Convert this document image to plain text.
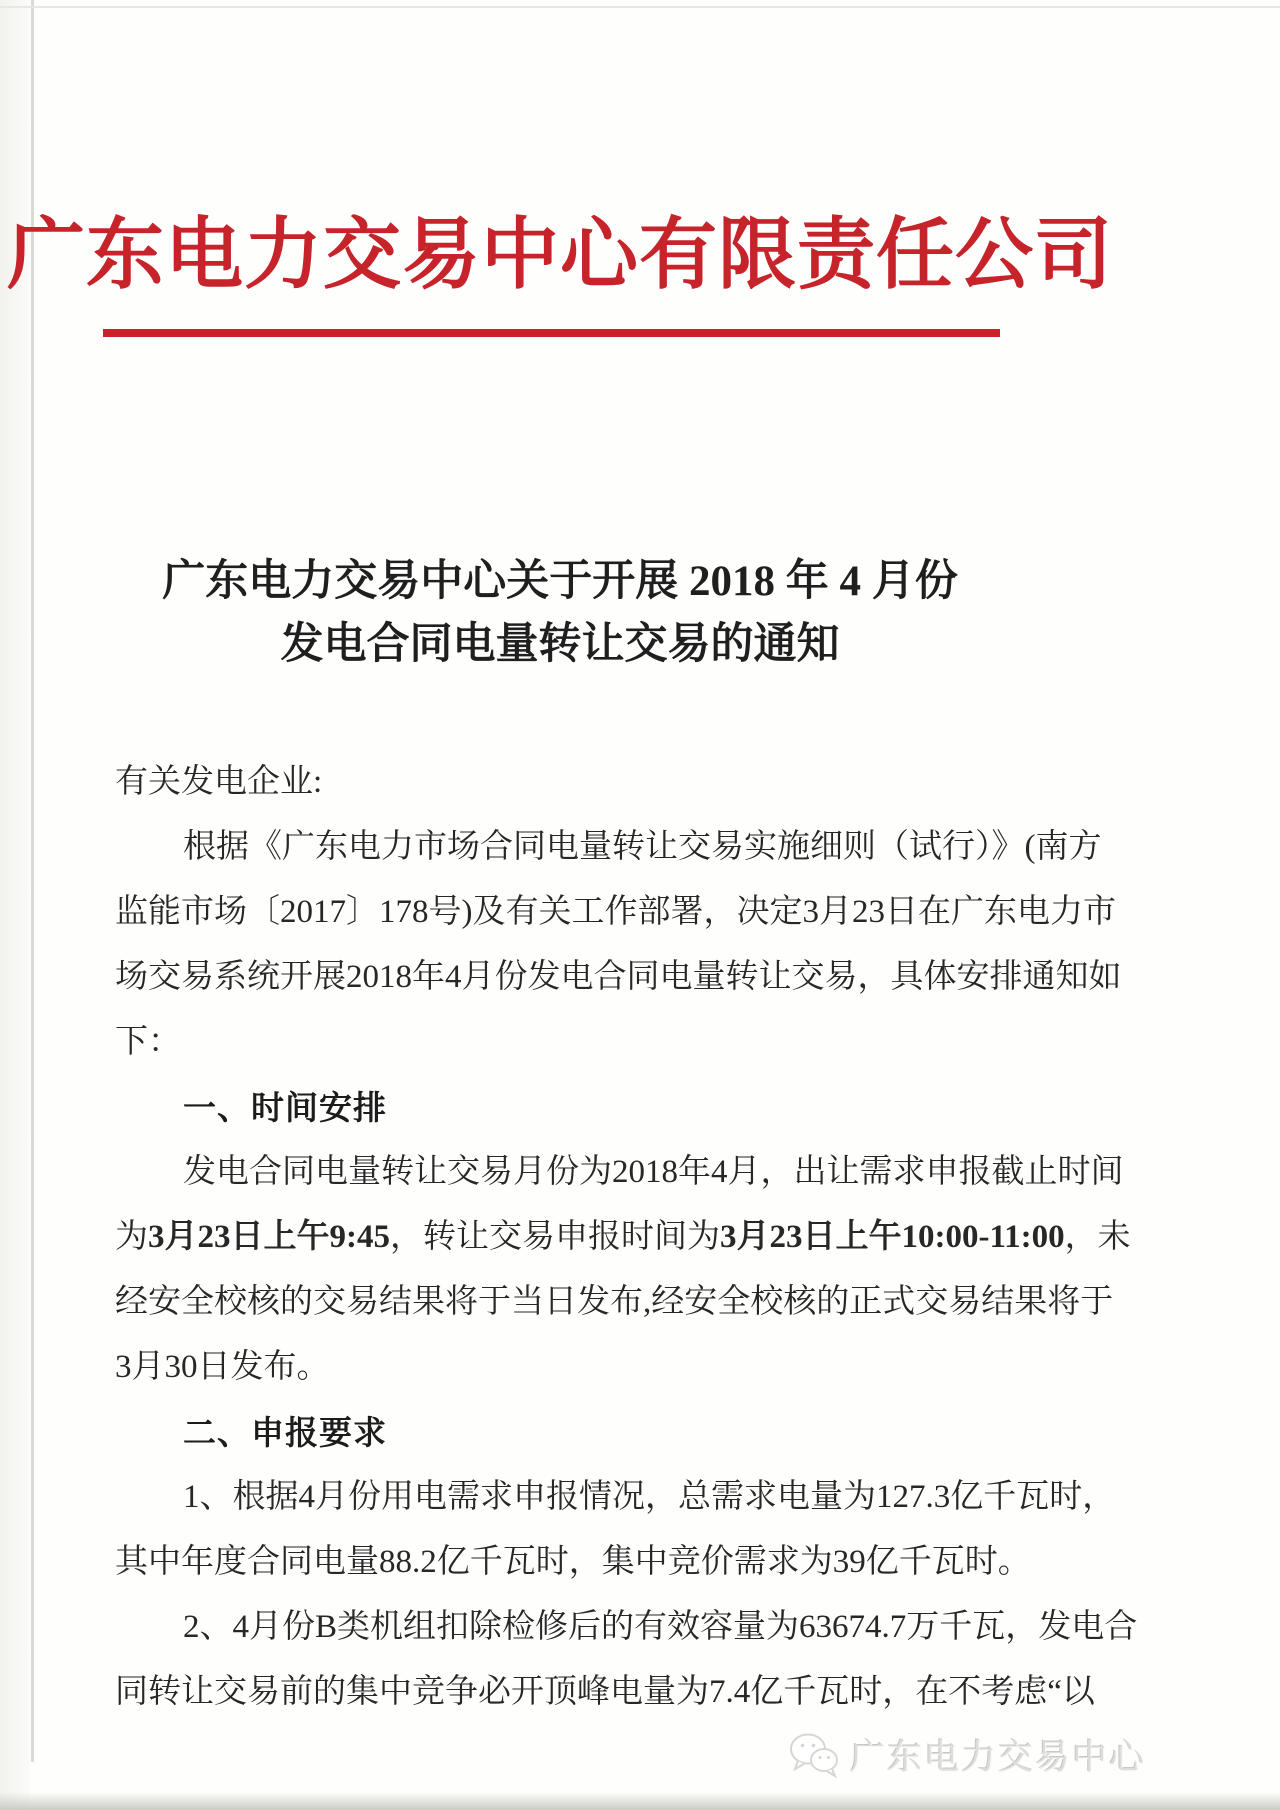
广东电力交易中心有限责任公司
广东电力交易中心关于开展 2018 年 4 月份
发电合同电量转让交易的通知
有关发电企业:
根据《广东电力市场合同电量转让交易实施细则（试行）》(南方
监能市场〔2017〕178号)及有关工作部署，决定3月23日在广东电力市
场交易系统开展2018年4月份发电合同电量转让交易，具体安排通知如
下：
一、时间安排
发电合同电量转让交易月份为2018年4月，出让需求申报截止时间
为3月23日上午9:45，转让交易申报时间为3月23日上午10:00-11:00，未
经安全校核的交易结果将于当日发布,经安全校核的正式交易结果将于
3月30日发布。
二、申报要求
1、根据4月份用电需求申报情况，总需求电量为127.3亿千瓦时，
其中年度合同电量88.2亿千瓦时，集中竞价需求为39亿千瓦时。
2、4月份B类机组扣除检修后的有效容量为63674.7万千瓦，发电合
同转让交易前的集中竞争必开顶峰电量为7.4亿千瓦时，在不考虑“以
广东电力交易中心
